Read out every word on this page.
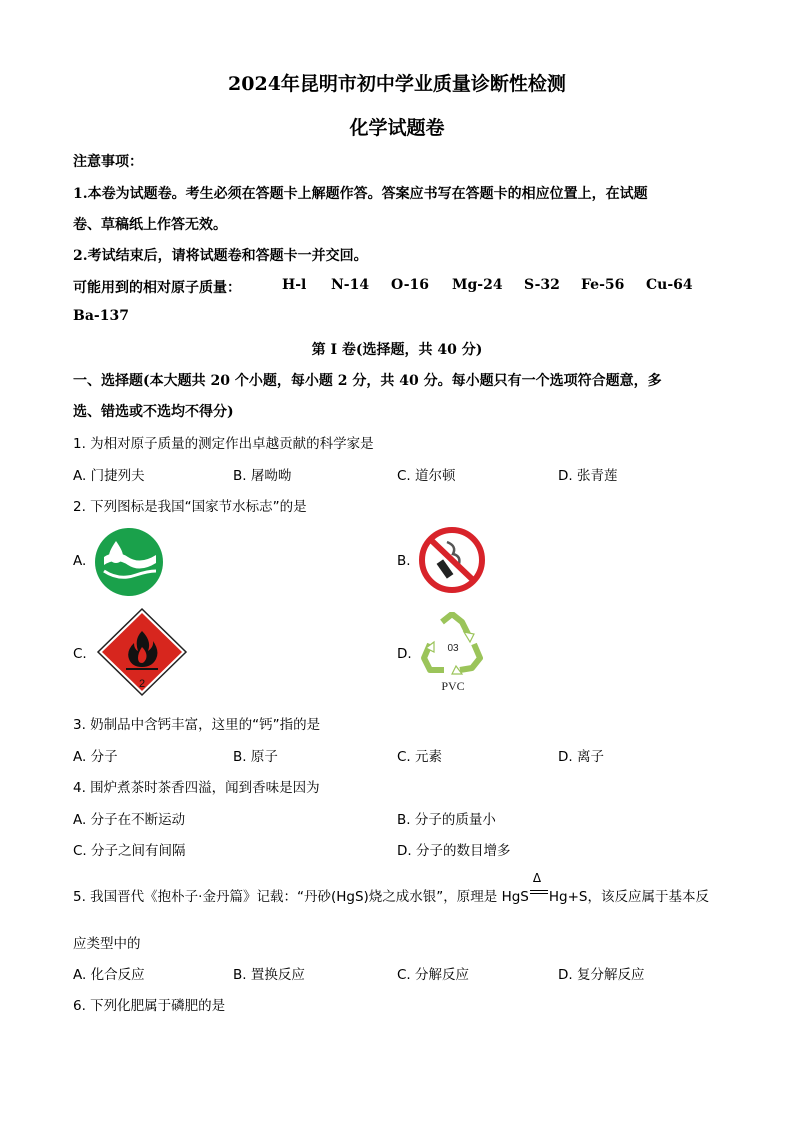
2024年昆明市初中学业质量诊断性检测
化学试题卷
注意事项：
1.本卷为试题卷。考生必须在答题卡上解题作答。答案应书写在答题卡的相应位置上，在试题
卷、草稿纸上作答无效。
2.考试结束后，请将试题卷和答题卡一并交回。
可能用到的相对原子质量：	H-l N-14 O-16 Mg-24 S-32 Fe-56 Cu-64
Ba-137
第 I 卷(选择题，共 40 分)
一、选择题(本大题共 20 个小题，每小题 2 分，共 40 分。每小题只有一个选项符合题意，多
选、错选或不选均不得分)
1. 为相对原子质量的测定作出卓越贡献的科学家是
A. 门捷列夫	B. 屠呦呦	C. 道尔顿	D. 张青莲
2. 下列图标是我国“国家节水标志”的是
A.	B.
C.
2
D.	03
PVC
3. 奶制品中含钙丰富，这里的“钙”指的是
A. 分子	B. 原子	C. 元素	D. 离子
4. 围炉煮茶时茶香四溢，闻到香味是因为
A. 分子在不断运动	B. 分子的质量小
C. 分子之间有间隔	D. 分子的数目增多
5. 我国晋代《抱朴子·金丹篇》记载：“丹砂(HgS)烧之成水银”，原理是 HgS
Δ
Hg+S，该反应属于基本反
应类型中的
A. 化合反应	B. 置换反应	C. 分解反应	D. 复分解反应
6. 下列化肥属于磷肥的是
